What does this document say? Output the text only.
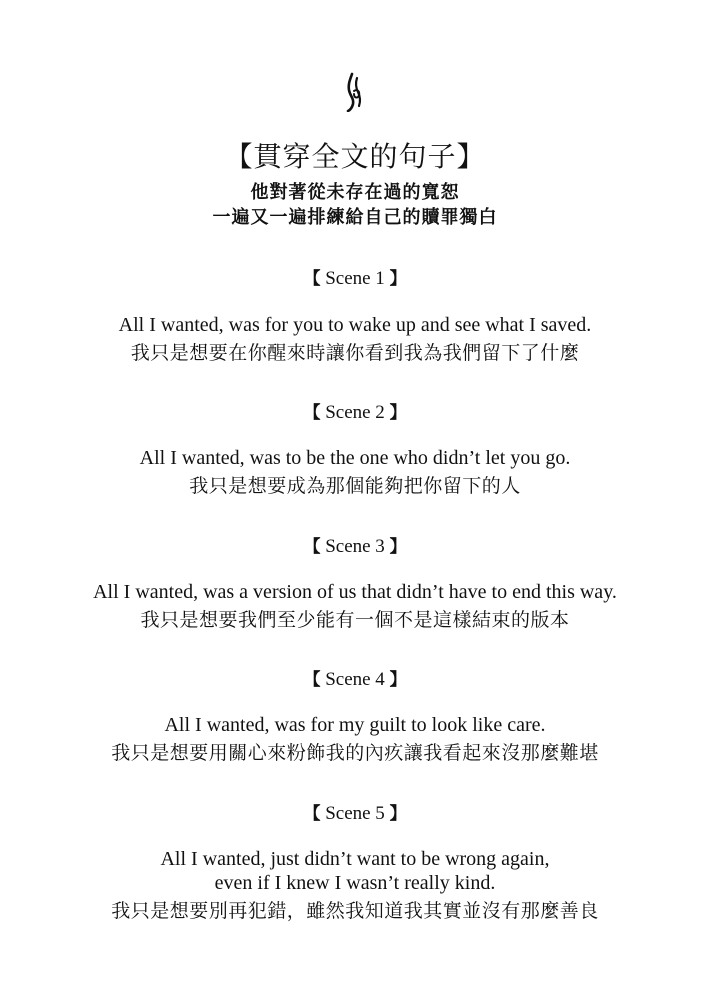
【貫穿全文的句子】
他對著從未存在過的寬恕
一遍又一遍排練給自己的贖罪獨白
【 Scene 1 】
All I wanted, was for you to wake up and see what I saved.
我只是想要在你醒來時讓你看到我為我們留下了什麼
【 Scene 2 】
All I wanted, was to be the one who didn’t let you go.
我只是想要成為那個能夠把你留下的人
【 Scene 3 】
All I wanted, was a version of us that didn’t have to end this way.
我只是想要我們至少能有一個不是這樣結束的版本
【 Scene 4 】
All I wanted, was for my guilt to look like care.
我只是想要用關心來粉飾我的內疚讓我看起來沒那麼難堪
【 Scene 5 】
All I wanted, just didn’t want to be wrong again,
even if I knew I wasn’t really kind.
我只是想要別再犯錯，雖然我知道我其實並沒有那麼善良
